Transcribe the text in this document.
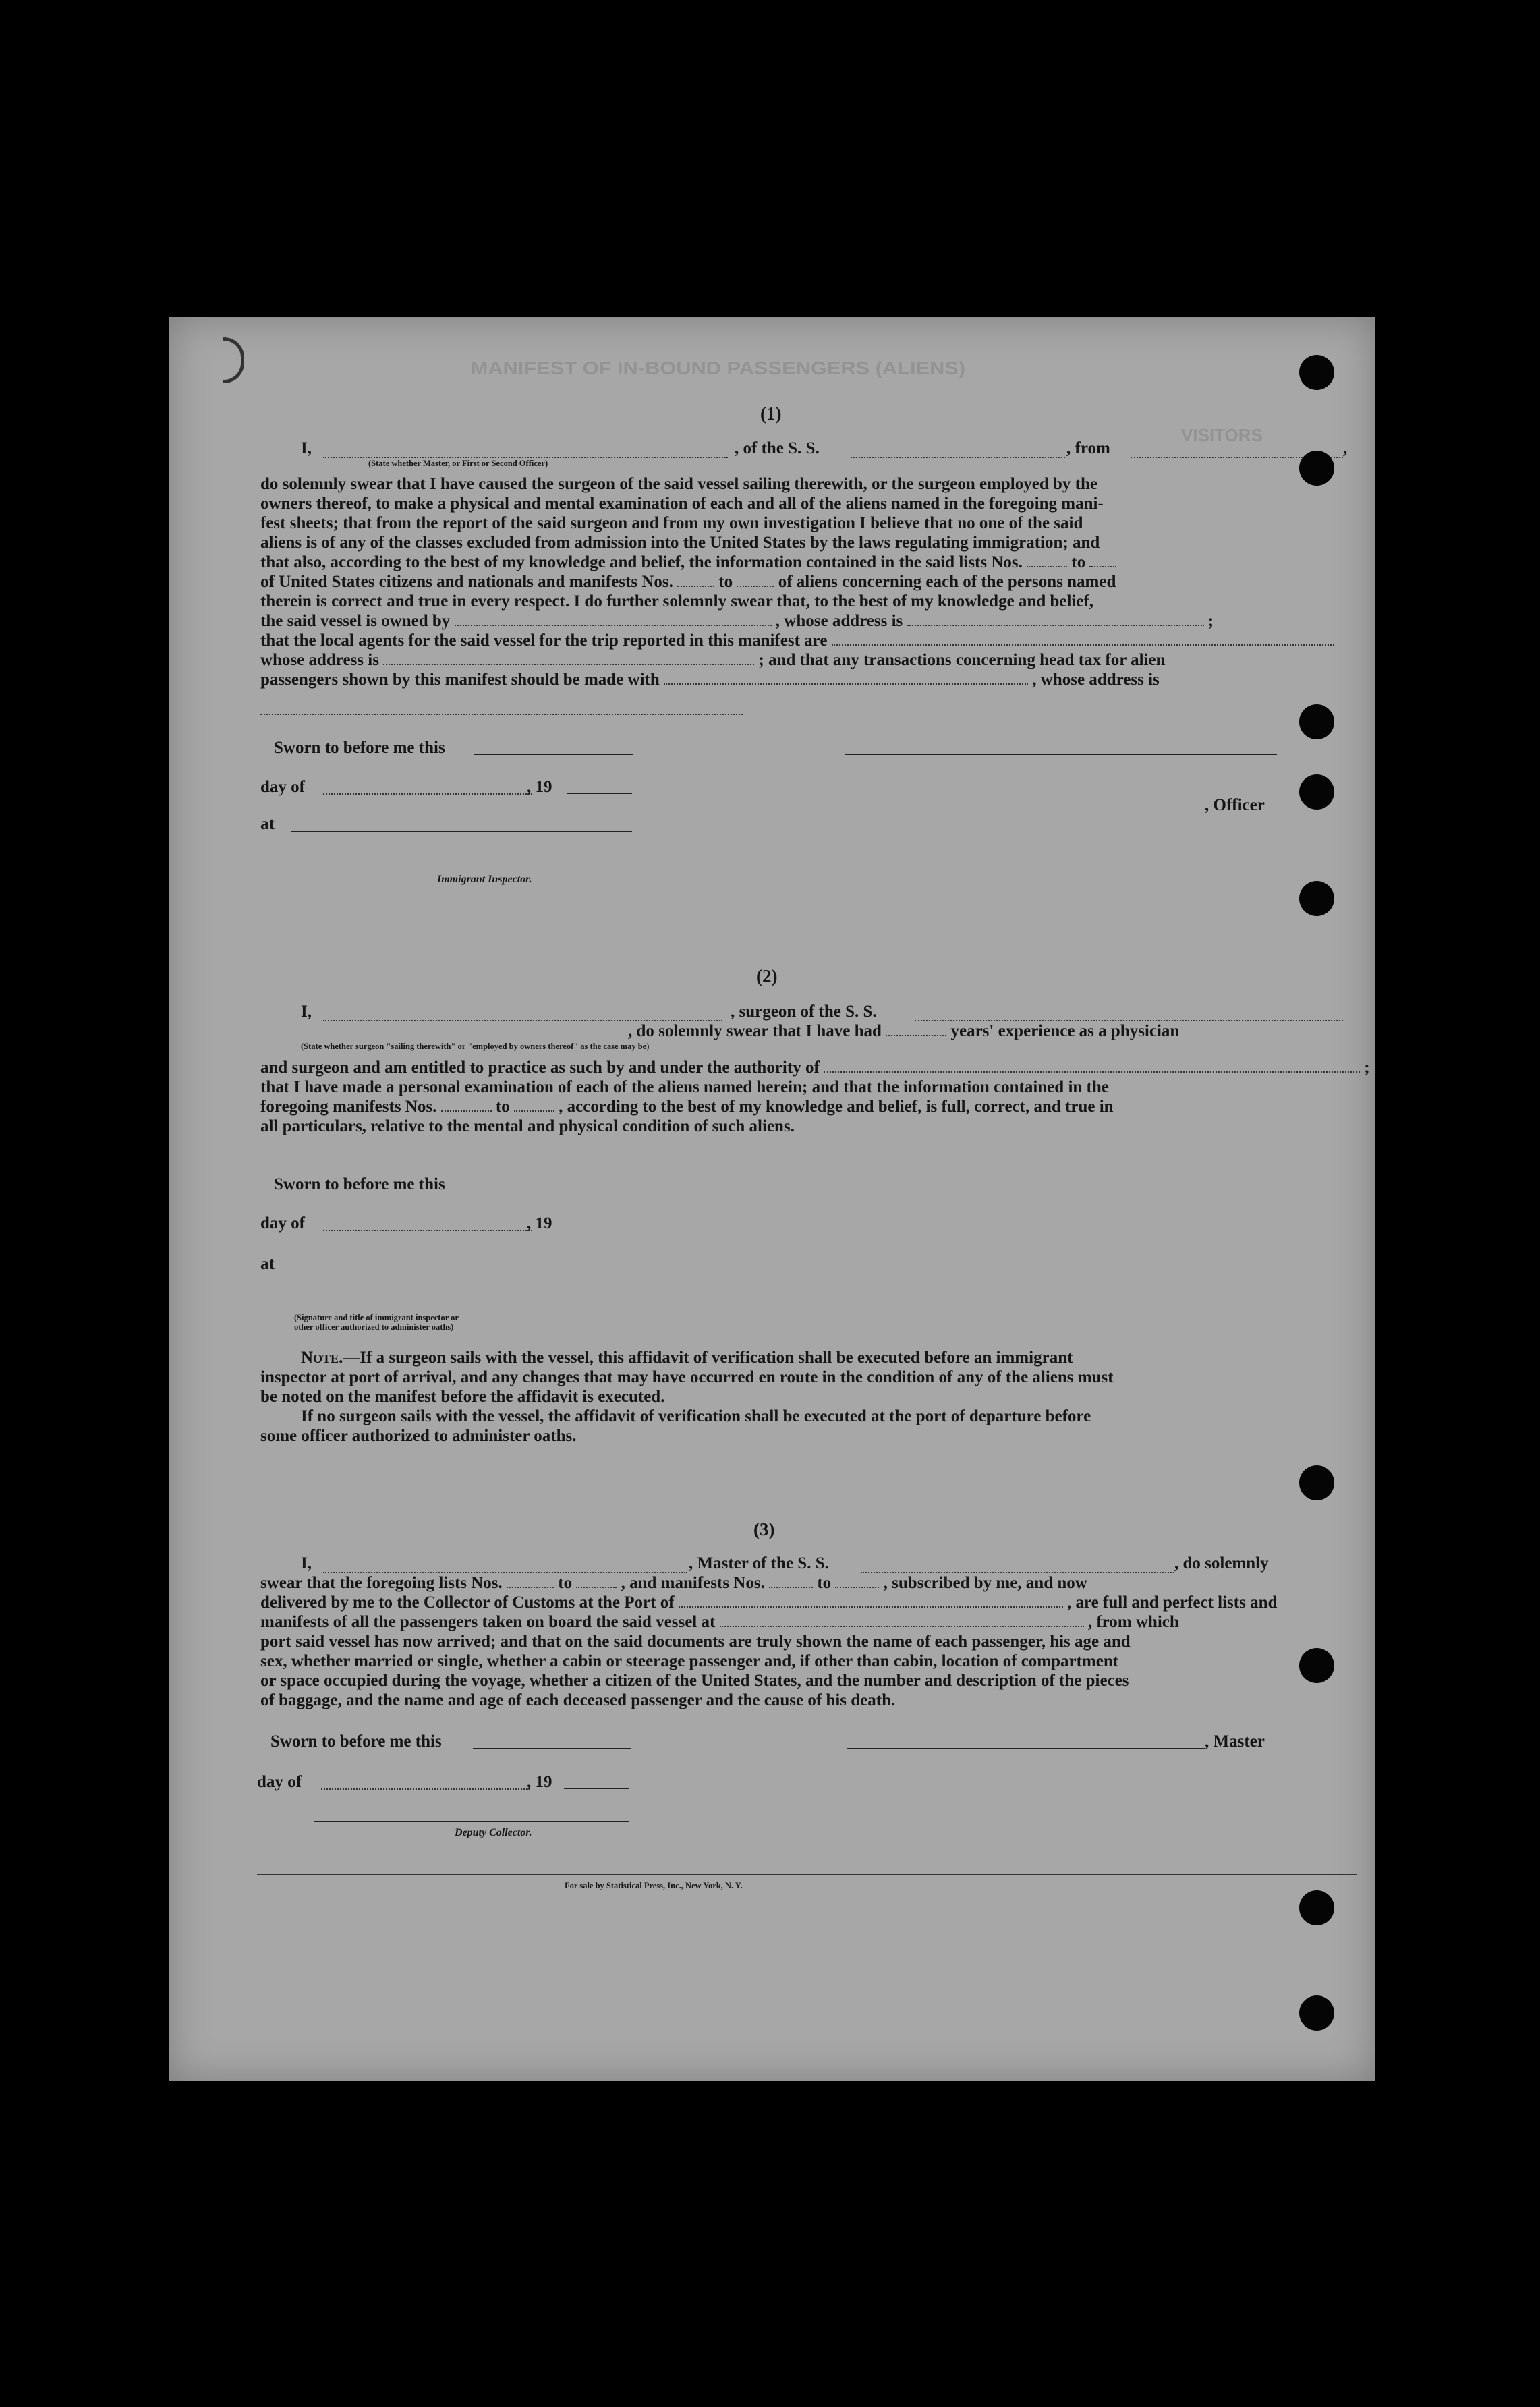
MANIFEST OF IN-BOUND PASSENGERS (ALIENS)
VISITORS
(1)
I,	, of the S. S.	, from	,
(State whether Master, or First or Second Officer)
do solemnly swear that I have caused the surgeon of the said vessel sailing therewith, or the surgeon employed by the
owners thereof, to make a physical and mental examination of each and all of the aliens named in the foregoing mani-
fest sheets; that from the report of the said surgeon and from my own investigation I believe that no one of the said
aliens is of any of the classes excluded from admission into the United States by the laws regulating immigration; and
that also, according to the best of my knowledge and belief, the information contained in the said lists Nos.	to
of United States citizens and nationals and manifests Nos.	to	of aliens concerning each of the persons named
therein is correct and true in every respect. I do further solemnly swear that, to the best of my knowledge and belief,
the said vessel is owned by	, whose address is	;
that the local agents for the said vessel for the trip reported in this manifest are
whose address is	; and that any transactions concerning head tax for alien
passengers shown by this manifest should be made with	, whose address is
Sworn to before me this
day of	, 19
, Officer
at
Immigrant Inspector.
(2)
I,	, surgeon of the S. S.
, do solemnly swear that I have had	years' experience as a physician
(State whether surgeon "sailing therewith" or "employed by owners thereof" as the case may be)
and surgeon and am entitled to practice as such by and under the authority of	;
that I have made a personal examination of each of the aliens named herein; and that the information contained in the
foregoing manifests Nos.	to	, according to the best of my knowledge and belief, is full, correct, and true in
all particulars, relative to the mental and physical condition of such aliens.
Sworn to before me this
day of	, 19
at
(Signature and title of immigrant inspector or
other officer authorized to administer oaths)
Note.—If a surgeon sails with the vessel, this affidavit of verification shall be executed before an immigrant
inspector at port of arrival, and any changes that may have occurred en route in the condition of any of the aliens must
be noted on the manifest before the affidavit is executed.
If no surgeon sails with the vessel, the affidavit of verification shall be executed at the port of departure before
some officer authorized to administer oaths.
(3)
I,	, Master of the S. S.	, do solemnly
swear that the foregoing lists Nos.	to	, and manifests Nos.	to	, subscribed by me, and now
delivered by me to the Collector of Customs at the Port of	, are full and perfect lists and
manifests of all the passengers taken on board the said vessel at	, from which
port said vessel has now arrived; and that on the said documents are truly shown the name of each passenger, his age and
sex, whether married or single, whether a cabin or steerage passenger and, if other than cabin, location of compartment
or space occupied during the voyage, whether a citizen of the United States, and the number and description of the pieces
of baggage, and the name and age of each deceased passenger and the cause of his death.
Sworn to before me this	, Master
day of	, 19
Deputy Collector.
For sale by Statistical Press, Inc., New York, N. Y.
